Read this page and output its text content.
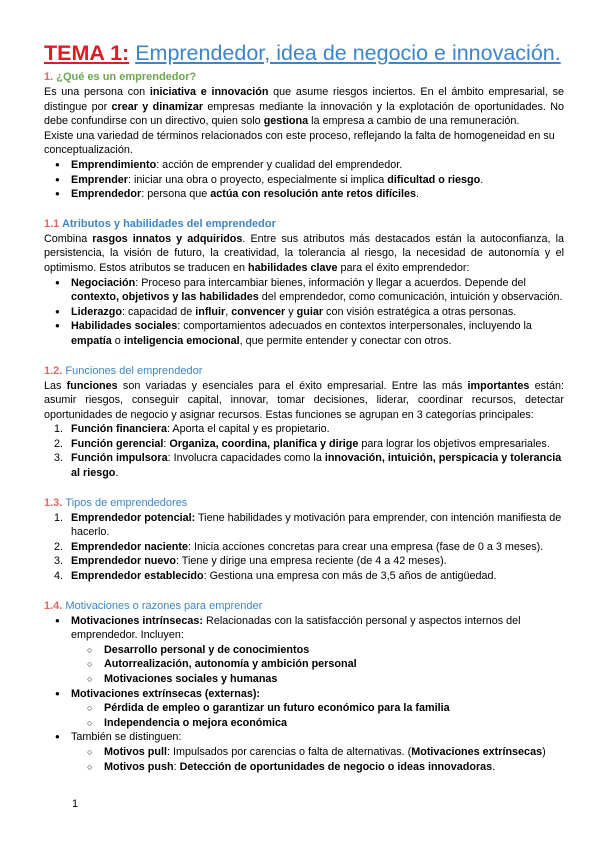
TEMA 1: Emprendedor, idea de negocio e innovación.
1. ¿Qué es un emprendedor?

Es una persona con iniciativa e innovación que asume riesgos inciertos. En el ámbito empresarial, se distingue por crear y dinamizar empresas mediante la innovación y la explotación de oportunidades. No debe confundirse con un directivo, quien solo gestiona la empresa a cambio de una remuneración.

Existe una variedad de términos relacionados con este proceso, reflejando la falta de homogeneidad en su conceptualización.

● Emprendimiento: acción de emprender y cualidad del emprendedor.
● Emprender: iniciar una obra o proyecto, especialmente si implica dificultad o riesgo.
● Emprendedor: persona que actúa con resolución ante retos difíciles.
1.1 Atributos y habilidades del emprendedor

Combina rasgos innatos y adquiridos. Entre sus atributos más destacados están la autoconfianza, la persistencia, la visión de futuro, la creatividad, la tolerancia al riesgo, la necesidad de autonomía y el optimismo. Estos atributos se traducen en habilidades clave para el éxito emprendedor:

● Negociación: Proceso para intercambiar bienes, información y llegar a acuerdos. Depende del contexto, objetivos y las habilidades del emprendedor, como comunicación, intuición y observación.
● Liderazgo: capacidad de influir, convencer y guiar con visión estratégica a otras personas.
● Habilidades sociales: comportamientos adecuados en contextos interpersonales, incluyendo la empatía o inteligencia emocional, que permite entender y conectar con otros.
1.2. Funciones del emprendedor

Las funciones son variadas y esenciales para el éxito empresarial. Entre las más importantes están: asumir riesgos, conseguir capital, innovar, tomar decisiones, liderar, coordinar recursos, detectar oportunidades de negocio y asignar recursos. Estas funciones se agrupan en 3 categorías principales:

1. Función financiera: Aporta el capital y es propietario.
2. Función gerencial: Organiza, coordina, planifica y dirige para lograr los objetivos empresariales.
3. Función impulsora: Involucra capacidades como la innovación, intuición, perspicacia y tolerancia al riesgo.
1.3. Tipos de emprendedores
1. Emprendedor potencial: Tiene habilidades y motivación para emprender, con intención manifiesta de hacerlo.
2. Emprendedor naciente: Inicia acciones concretas para crear una empresa (fase de 0 a 3 meses).
3. Emprendedor nuevo: Tiene y dirige una empresa reciente (de 4 a 42 meses).
4. Emprendedor establecido: Gestiona una empresa con más de 3,5 años de antigüedad.
1.4. Motivaciones o razones para emprender
● Motivaciones intrínsecas: Relacionadas con la satisfacción personal y aspectos internos del emprendedor. Incluyen:
○ Desarrollo personal y de conocimientos
○ Autorrealización, autonomía y ambición personal
○ Motivaciones sociales y humanas
● Motivaciones extrínsecas (externas):
○ Pérdida de empleo o garantizar un futuro económico para la familia
○ Independencia o mejora económica
● También se distinguen:
○ Motivos pull: Impulsados por carencias o falta de alternativas. (Motivaciones extrínsecas)
○ Motivos push: Detección de oportunidades de negocio o ideas innovadoras.
1
